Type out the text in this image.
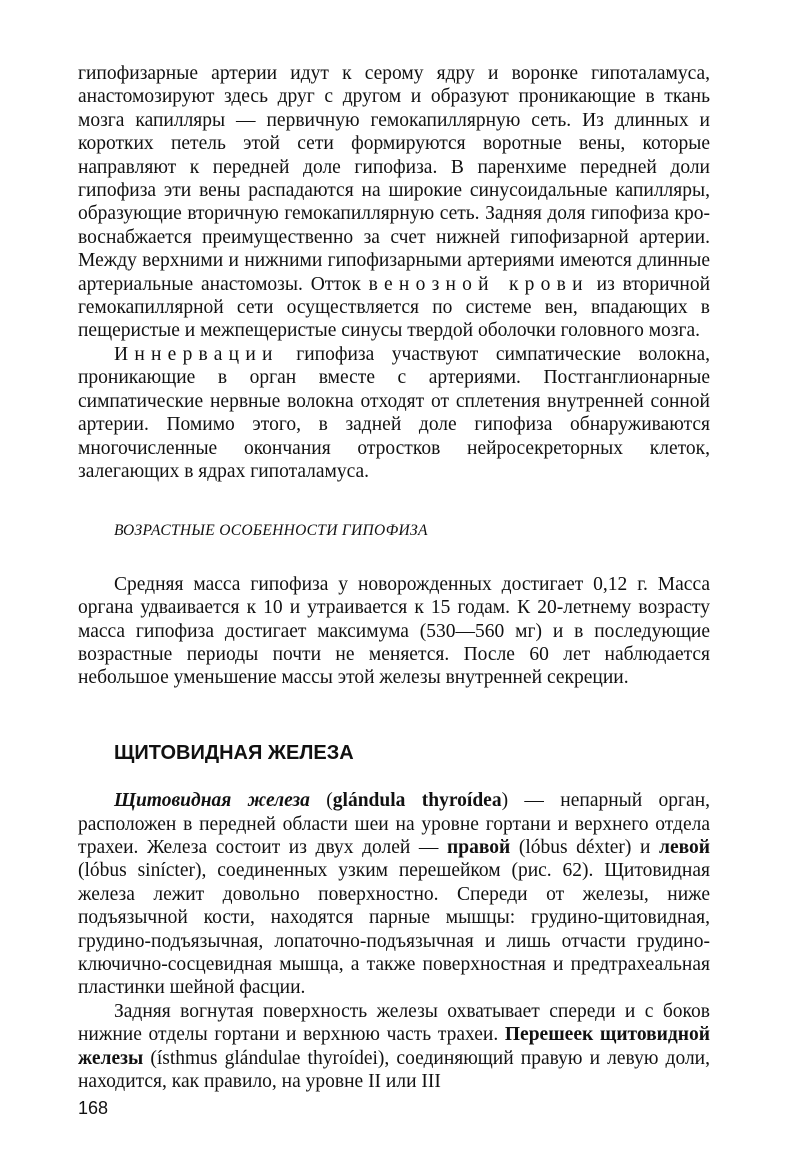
гипофизарные артерии идут к серому ядру и воронке гипоталамуса, анастомозируют здесь друг с другом и образуют проникающие в ткань мозга капилляры — первичную гемокапиллярную сеть. Из длинных и коротких петель этой сети формируются воротные вены, которые направляют к передней доле гипофиза. В паренхиме передней доли гипофиза эти вены распадаются на широкие синусоидальные капилляры, образующие вторичную гемокапиллярную сеть. Задняя доля гипофиза кровоснабжается преимущественно за счет нижней гипофизарной артерии. Между верхними и нижними гипофизарными артериями имеются длинные артериальные анастомозы. Отток венозной крови из вторичной гемокапиллярной сети осуществляется по системе вен, впадающих в пещеристые и межпещеристые синусы твердой оболочки головного мозга.

Иннервации гипофиза участвуют симпатические волокна, проникающие в орган вместе с артериями. Постганглионарные симпатические нервные волокна отходят от сплетения внутренней сонной артерии. Помимо этого, в задней доле гипофиза обнаруживаются многочисленные окончания отростков нейросекреторных клеток, залегающих в ядрах гипоталамуса.

ВОЗРАСТНЫЕ ОСОБЕННОСТИ ГИПОФИЗА

Средняя масса гипофиза у новорожденных достигает 0,12 г. Масса органа удваивается к 10 и утраивается к 15 годам. К 20-летнему возрасту масса гипофиза достигает максимума (530—560 мг) и в последующие возрастные периоды почти не меняется. После 60 лет наблюдается небольшое уменьшение массы этой железы внутренней секреции.

ЩИТОВИДНАЯ ЖЕЛЕЗА

Щитовидная железа (glándula thyroídea) — непарный орган, расположен в передней области шеи на уровне гортани и верхнего отдела трахеи. Железа состоит из двух долей — правой (lóbus déxter) и левой (lóbus sinícter), соединенных узким перешейком (рис. 62). Щитовидная железа лежит довольно поверхностно. Спереди от железы, ниже подъязычной кости, находятся парные мышцы: грудино-щитовидная, грудино-подъязычная, лопаточно-подъязычная и лишь отчасти грудино-ключично-сосцевидная мышца, а также поверхностная и предтрахеальная пластинки шейной фасции.

Задняя вогнутая поверхность железы охватывает спереди и с боков нижние отделы гортани и верхнюю часть трахеи. Перешеек щитовидной железы (ísthmus glándulae thyroídei), соединяющий правую и левую доли, находится, как правило, на уровне II или III

168
